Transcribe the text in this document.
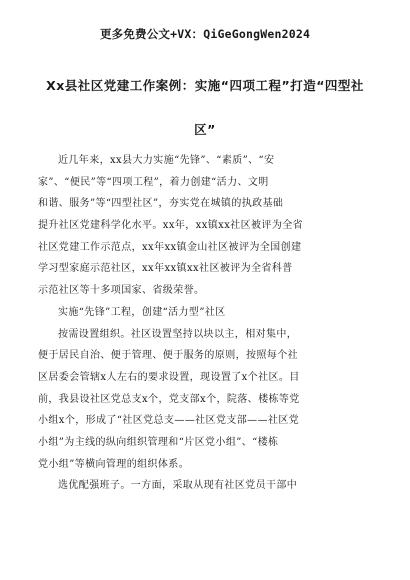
更多免费公文+VX：QiGeGongWen2024
Xx县社区党建工作案例：实施“四项工程”打造“四型社
区”
近几年来，xx县大力实施“先锋”、“素质”、“安
家”、“便民”等“四项工程”，着力创建“活力、文明
和谐、服务”等“四型社区”，夯实党在城镇的执政基础
提升社区党建科学化水平。xx年，xx镇xx社区被评为全省
社区党建工作示范点，xx年xx镇金山社区被评为全国创建
学习型家庭示范社区，xx年xx镇xx社区被评为全省科普
示范社区等十多项国家、省级荣誉。
实施“先锋”工程，创建“活力型”社区
按需设置组织。社区设置坚持以块以主，相对集中，
便于居民自治、便于管理、便于服务的原则，按照每个社
区居委会管辖x人左右的要求设置，现设置了x个社区。目
前，我县设社区党总支x个，党支部x个，院落、楼栋等党
小组x个，形成了“社区党总支——社区党支部——社区党
小组”为主线的纵向组织管理和“片区党小组”、“楼栋
党小组”等横向管理的组织体系。
选优配强班子。一方面，采取从现有社区党员干部中
